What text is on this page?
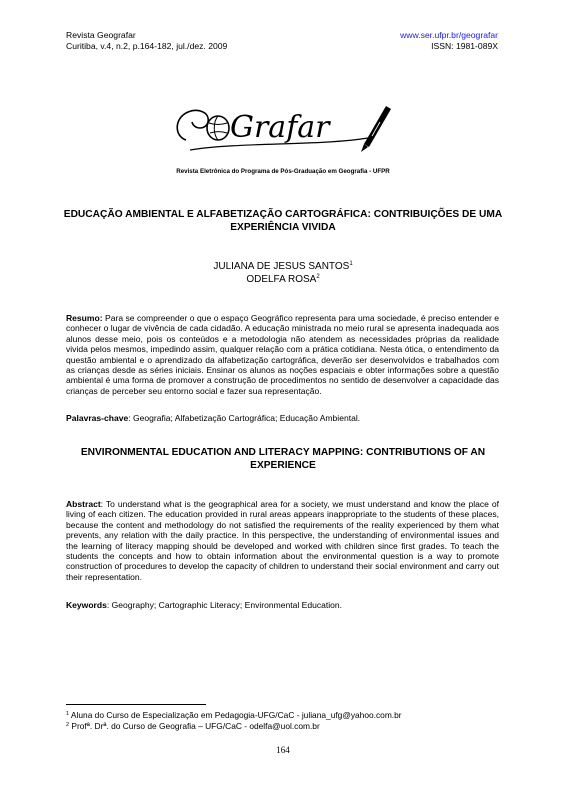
Revista Geografar
Curitiba, v.4, n.2, p.164-182, jul./dez. 2009
www.ser.ufpr.br/geografar
ISSN: 1981-089X
Grafar
Revista Eletrônica do Programa de Pós-Graduação em Geografia - UFPR
EDUCAÇÃO AMBIENTAL E ALFABETIZAÇÃO CARTOGRÁFICA: CONTRIBUIÇÕES DE UMA EXPERIÊNCIA VIVIDA
JULIANA DE JESUS SANTOS$^1$
ODELFA ROSA$^2$
Resumo: Para se compreender o que o espaço Geográfico representa para uma sociedade, é preciso entender e conhecer o lugar de vivência de cada cidadão. A educação ministrada no meio rural se apresenta inadequada aos alunos desse meio, pois os conteúdos e a metodologia não atendem as necessidades próprias da realidade vivida pelos mesmos, impedindo assim, qualquer relação com a prática cotidiana. Nesta ótica, o entendimento da questão ambiental e o aprendizado da alfabetização cartográfica, deverão ser desenvolvidos e trabalhados com as crianças desde as séries iniciais. Ensinar os alunos as noções espaciais e obter informações sobre a questão ambiental é uma forma de promover a construção de procedimentos no sentido de desenvolver a capacidade das crianças de perceber seu entorno social e fazer sua representação.
Palavras-chave: Geografia; Alfabetização Cartográfica; Educação Ambiental.
ENVIRONMENTAL EDUCATION AND LITERACY MAPPING: CONTRIBUTIONS OF AN EXPERIENCE
Abstract: To understand what is the geographical area for a society, we must understand and know the place of living of each citizen. The education provided in rural areas appears inappropriate to the students of these places, because the content and methodology do not satisfied the requirements of the reality experienced by them what prevents, any relation with the daily practice. In this perspective, the understanding of environmental issues and the learning of literacy mapping should be developed and worked with children since first grades. To teach the students the concepts and how to obtain information about the environmental question is a way to promote construction of procedures to develop the capacity of children to understand their social environment and carry out their representation.
Keywords: Geography; Cartographic Literacy; Environmental Education.
$^1$ Aluna do Curso de Especialização em Pedagogia-UFG/CaC - juliana_ufg@yahoo.com.br
$^2$ Profª. Drª. do Curso de Geografia – UFG/CaC - odelfa@uol.com.br
164
